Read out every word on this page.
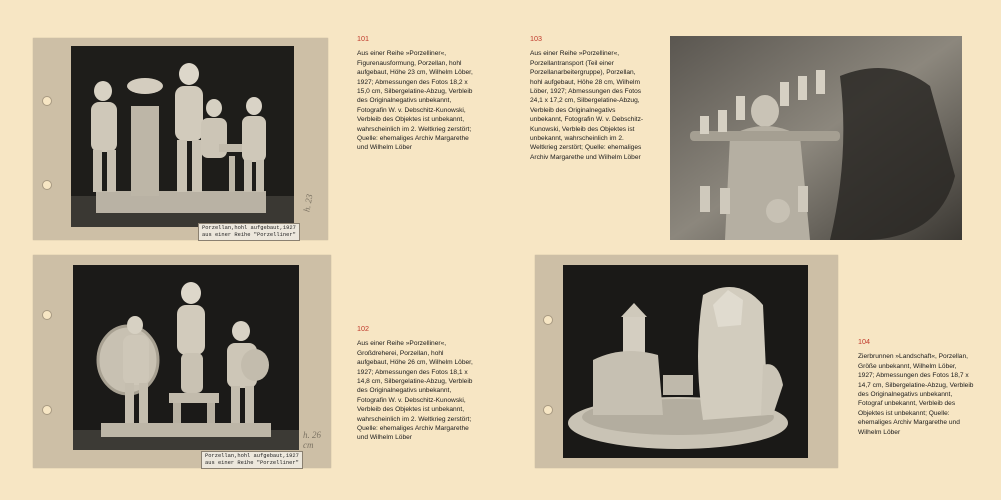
Porzellan,hohl aufgebaut,1927
aus einer Reihe "Porzelliner"
h. 23
Porzellan,hohl aufgebaut,1927
aus einer Reihe "Porzelliner"
h. 26 cm
101
Aus einer Reihe »Porzelliner«, Figurenausformung, Porzellan, hohl aufgebaut, Höhe 23 cm, Wilhelm Löber, 1927; Abmessungen des Fotos 18,2 x 15,0 cm, Silbergelatine-Abzug, Verbleib des Originalnegativs unbekannt, Fotografin W. v. Debschitz-Kunowski, Verbleib des Objektes ist unbekannt, wahrscheinlich im 2. Weltkrieg zerstört; Quelle: ehemaliges Archiv Margarethe und Wilhelm Löber
102
Aus einer Reihe »Porzelliner«, Großdreherei, Porzellan, hohl aufgebaut, Höhe 26 cm, Wilhelm Löber, 1927; Abmessungen des Fotos 18,1 x 14,8 cm, Silbergelatine-Abzug, Verbleib des Originalnegativs unbekannt, Fotografin W. v. Debschitz-Kunowski, Verbleib des Objektes ist unbekannt, wahrscheinlich im 2. Weltkrieg zerstört; Quelle: ehemaliges Archiv Margarethe und Wilhelm Löber
103
Aus einer Reihe »Porzelliner«, Porzellantransport (Teil einer Porzellanarbeitergruppe), Porzellan, hohl aufgebaut, Höhe 28 cm, Wilhelm Löber, 1927; Abmessungen des Fotos 24,1 x 17,2 cm, Silbergelatine-Abzug, Verbleib des Originalnegativs unbekannt, Fotografin W. v. Debschitz-Kunowski, Verbleib des Objektes ist unbekannt, wahrscheinlich im 2. Weltkrieg zerstört; Quelle: ehemaliges Archiv Margarethe und Wilhelm Löber
104
Zierbrunnen »Landschaft«, Porzellan, Größe unbekannt, Wilhelm Löber, 1927; Abmessungen des Fotos 18,7 x 14,7 cm, Silbergelatine-Abzug, Verbleib des Originalnegativs unbekannt, Fotograf unbekannt, Verbleib des Objektes ist unbekannt; Quelle: ehemaliges Archiv Margarethe und Wilhelm Löber
